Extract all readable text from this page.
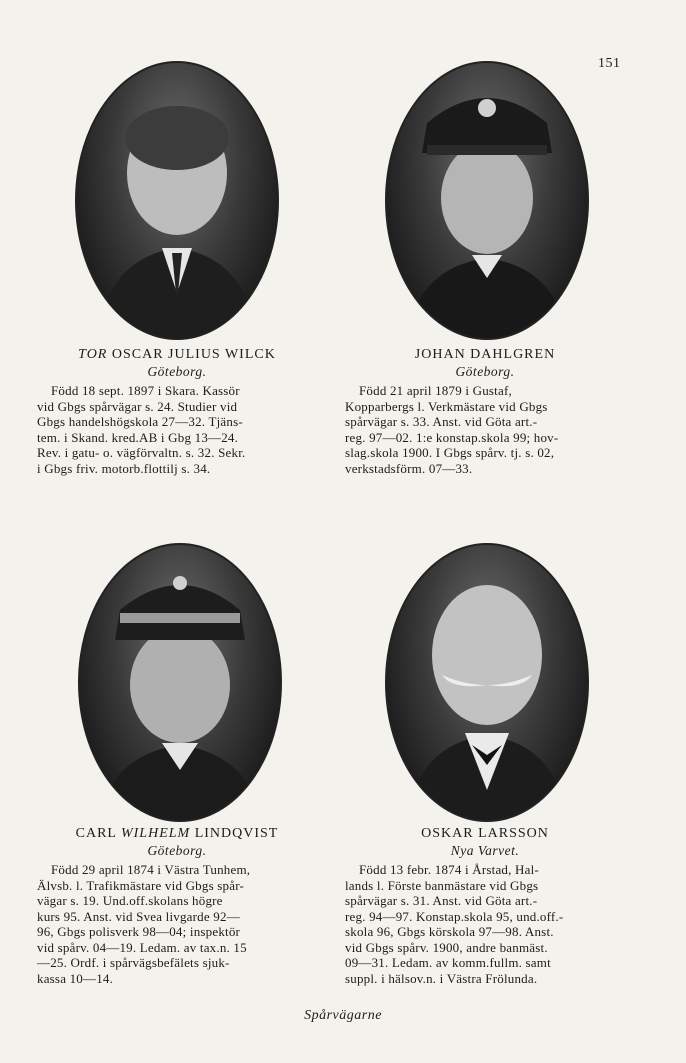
151

TOR OSCAR JULIUS WILCK

Göteborg.

Född 18 sept. 1897 i Skara. Kassör
vid Gbgs spårvägar s. 24. Studier vid
Gbgs handelshögskola 27—32. Tjäns-
tem. i Skand. kred.AB i Gbg 13—24.
Rev. i gatu- o. vägförvaltn. s. 32. Sekr.
i Gbgs friv. motorb.flottilj s. 34.

JOHAN DAHLGREN

Göteborg.

Född 21 april 1879 i Gustaf,
Kopparbergs l. Verkmästare vid Gbgs
spårvägar s. 33. Anst. vid Göta art.-
reg. 97—02. 1:e konstap.skola 99; hov-
slag.skola 1900. I Gbgs spårv. tj. s. 02,
verkstadsförm. 07—33.

CARL WILHELM LINDQVIST

Göteborg.

Född 29 april 1874 i Västra Tunhem,
Älvsb. l. Trafikmästare vid Gbgs spår-
vägar s. 19. Und.off.skolans högre
kurs 95. Anst. vid Svea livgarde 92—
96, Gbgs polisverk 98—04; inspektör
vid spårv. 04—19. Ledam. av tax.n. 15
—25. Ordf. i spårvägsbefälets sjuk-
kassa 10—14.

OSKAR LARSSON

Nya Varvet.

Född 13 febr. 1874 i Årstad, Hal-
lands l. Förste banmästare vid Gbgs
spårvägar s. 31. Anst. vid Göta art.-
reg. 94—97. Konstap.skola 95, und.off.-
skola 96, Gbgs körskola 97—98. Anst.
vid Gbgs spårv. 1900, andre banmäst.
09—31. Ledam. av komm.fullm. samt
suppl. i hälsov.n. i Västra Frölunda.

Spårvägarne
